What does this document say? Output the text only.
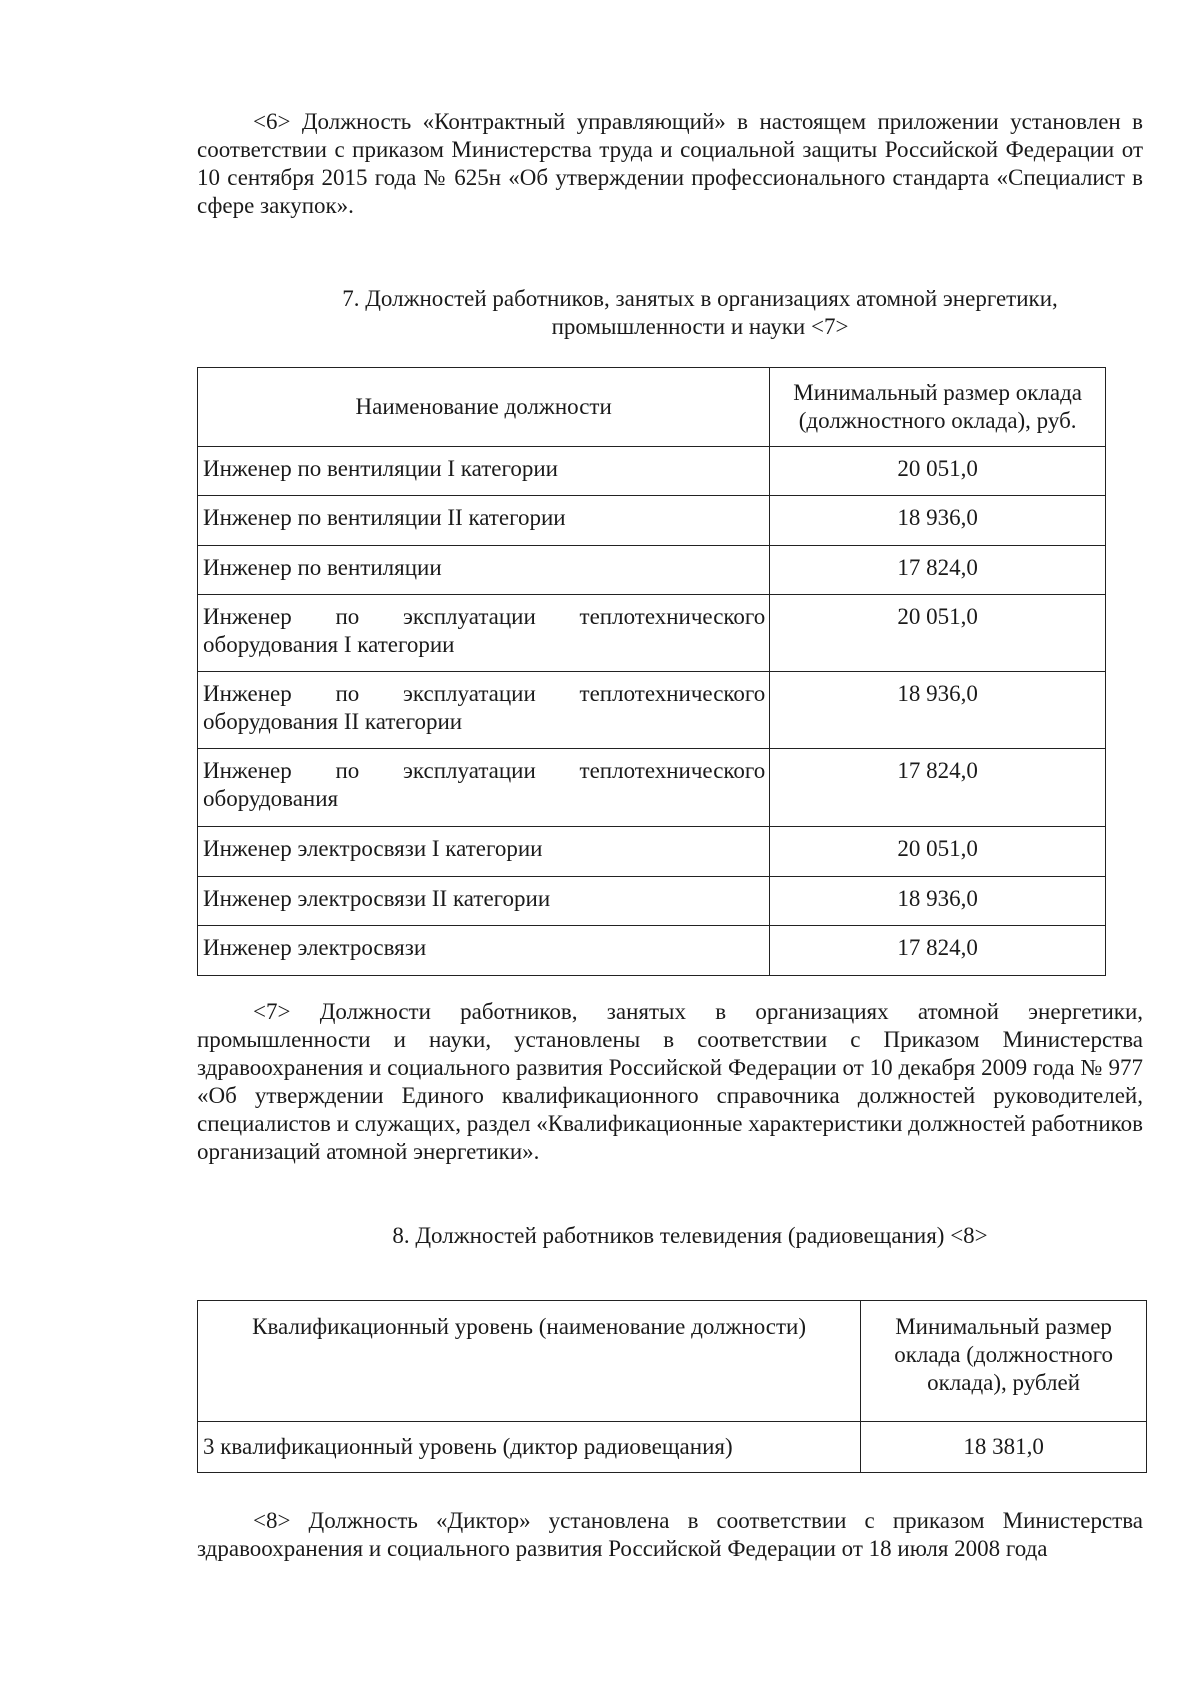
<6> Должность «Контрактный управляющий» в настоящем приложении установлен в соответствии с приказом Министерства труда и социальной защиты Российской Федерации от 10 сентября 2015 года № 625н «Об утверждении профессионального стандарта «Специалист в сфере закупок».

7. Должностей работников, занятых в организациях атомной энергетики,

промышленности и науки <7>

Наименование должности	Минимальный размер оклада (должностного оклада), руб.
Инженер по вентиляции I категории	20 051,0
Инженер по вентиляции II категории	18 936,0
Инженер по вентиляции	17 824,0
Инженер по эксплуатации теплотехнического оборудования I категории	20 051,0
Инженер по эксплуатации теплотехнического оборудования II категории	18 936,0
Инженер по эксплуатации теплотехнического оборудования	17 824,0
Инженер электросвязи I категории	20 051,0
Инженер электросвязи II категории	18 936,0
Инженер электросвязи	17 824,0

<7> Должности работников, занятых в организациях атомной энергетики, промышленности и науки, установлены в соответствии с Приказом Министерства здравоохранения и социального развития Российской Федерации от 10 декабря 2009 года № 977 «Об утверждении Единого квалификационного справочника должностей руководителей, специалистов и служащих, раздел «Квалификационные характеристики должностей работников организаций атомной энергетики».

8. Должностей работников телевидения (радиовещания) <8>

Квалификационный уровень (наименование должности)	Минимальный размер оклада (должностного оклада), рублей
3 квалификационный уровень (диктор радиовещания)	18 381,0

<8> Должность «Диктор» установлена в соответствии с приказом Министерства здравоохранения и социального развития Российской Федерации от 18 июля 2008 года
